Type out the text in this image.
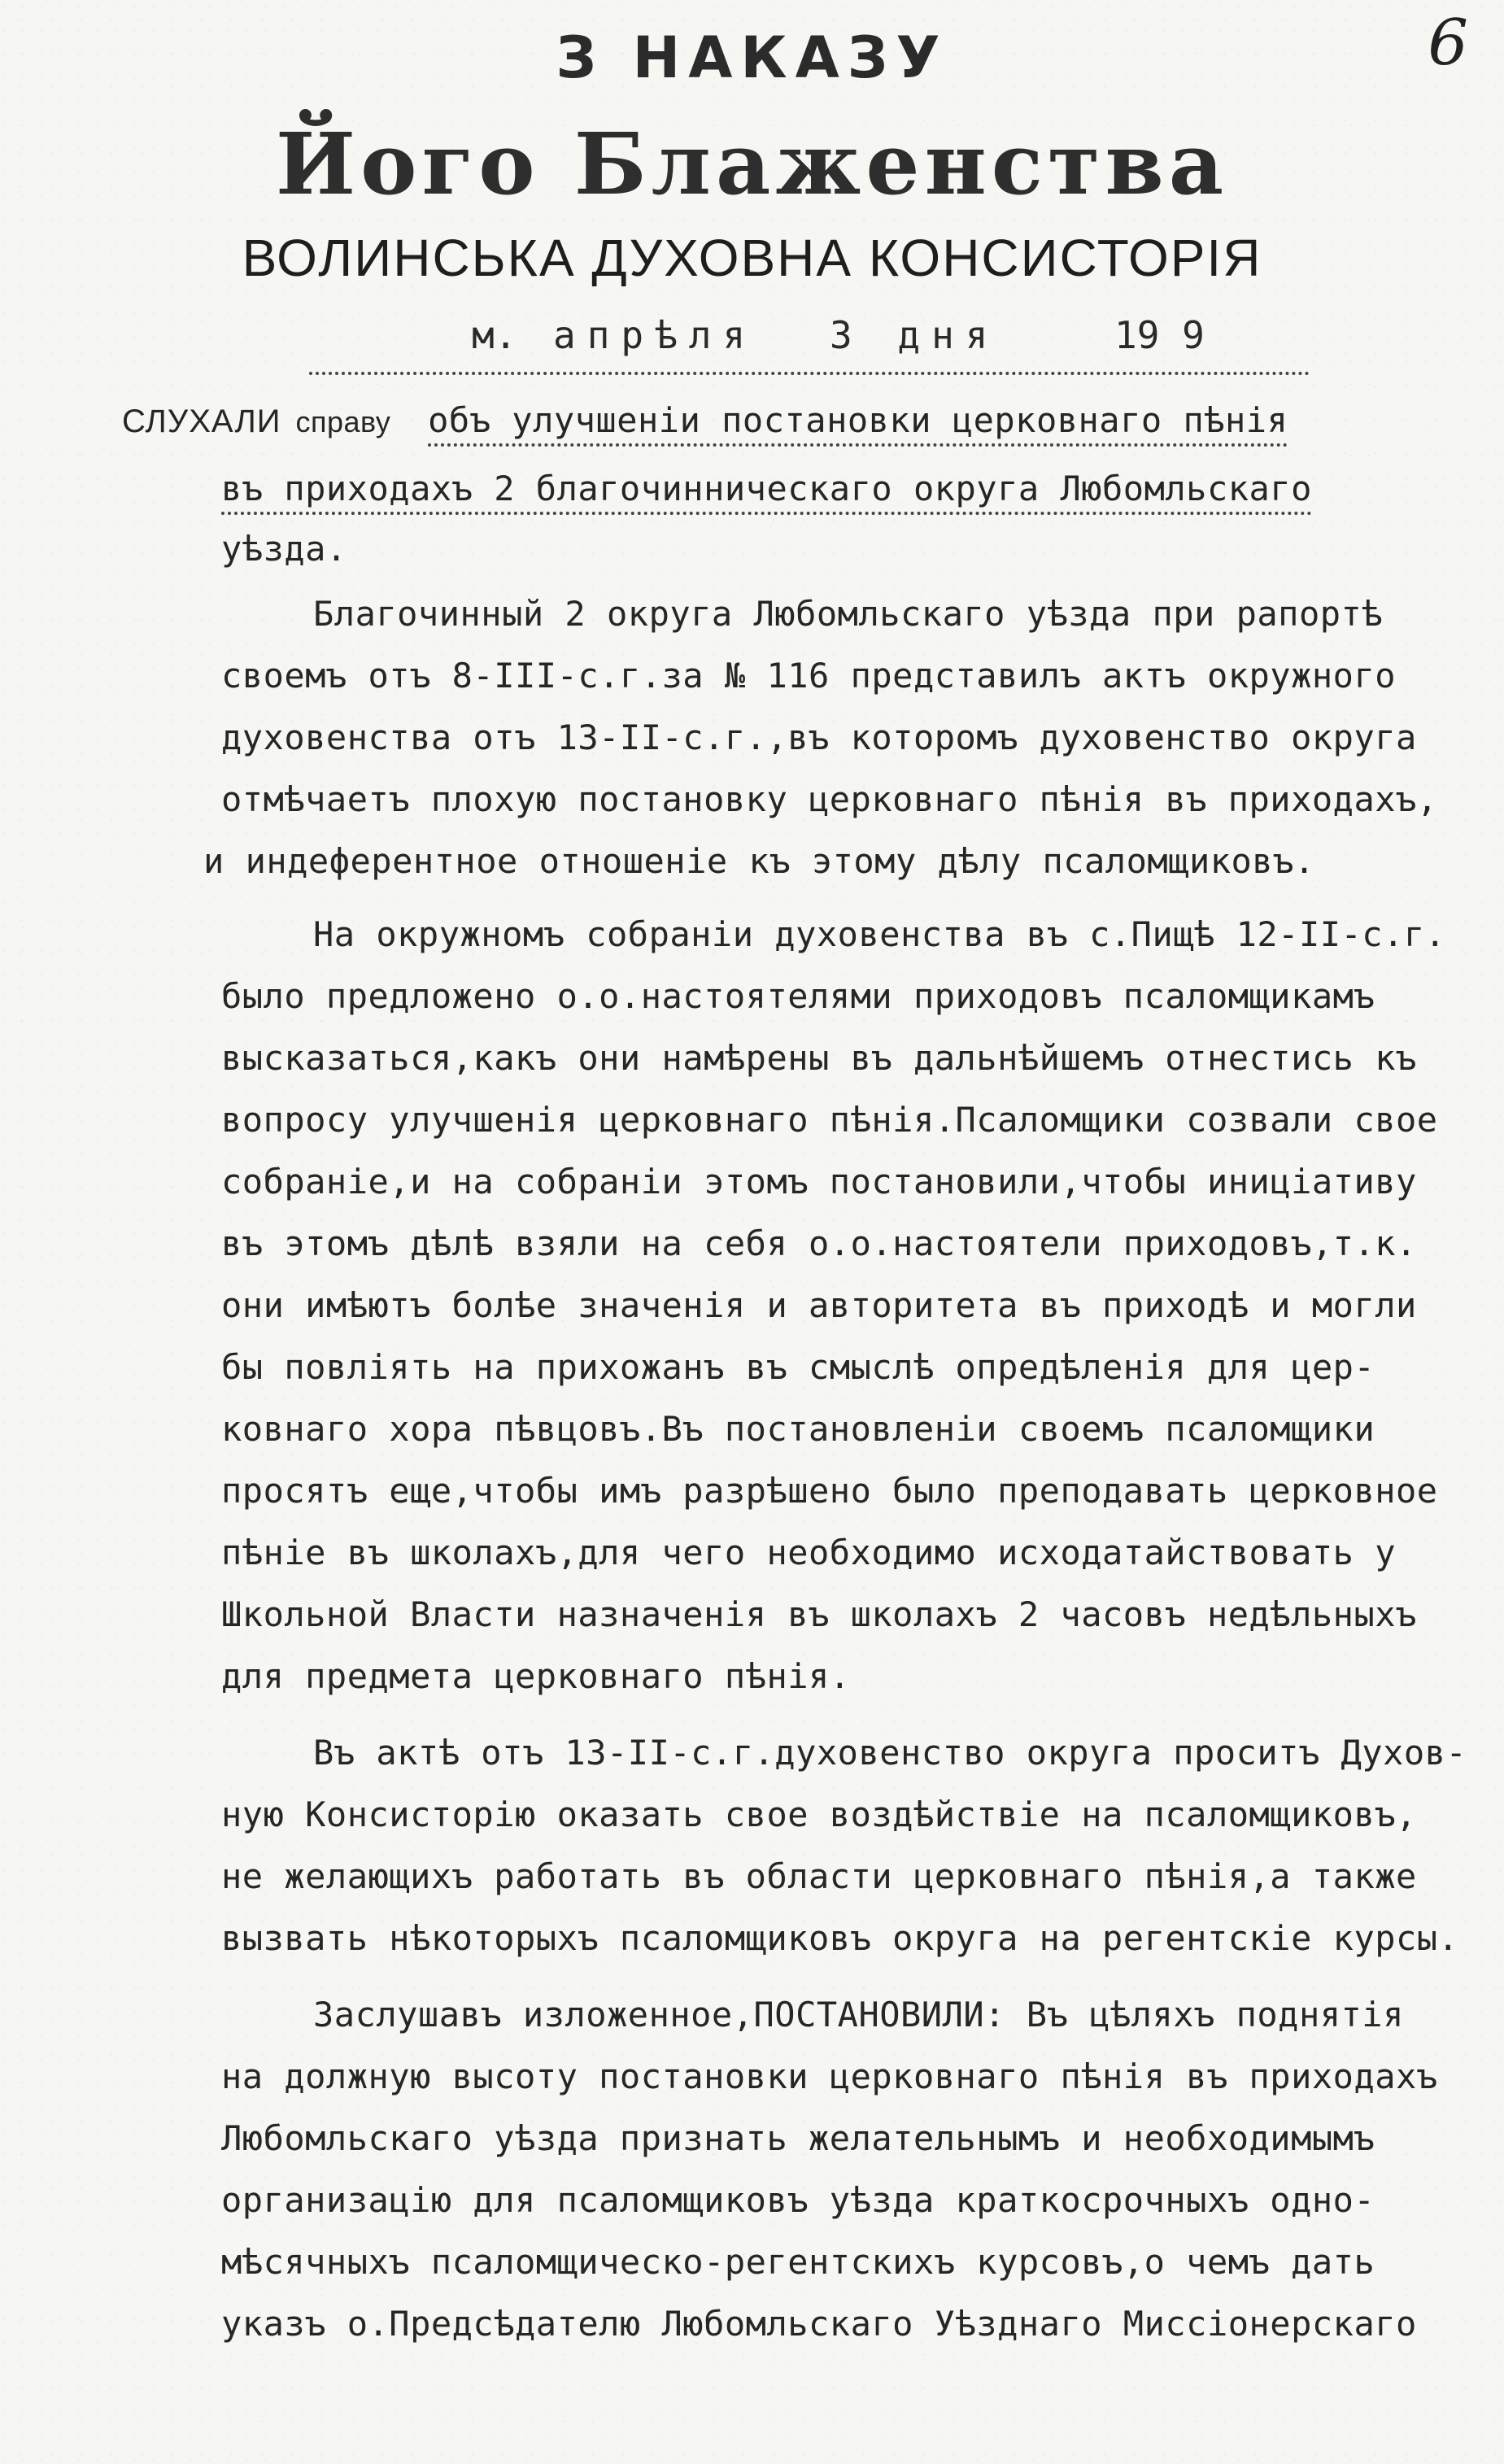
6
З НАКАЗУ
Його Блаженства
ВОЛИНСЬКА ДУХОВНА КОНСИСТОРІЯ
м. апрѣля 3 дня	19 9
СЛУХАЛИ справу объ улучшеніи постановки церковнаго пѣнія
въ приходахъ 2 благочинническаго округа Любомльскаго
уѣзда.
Благочинный 2 округа Любомльскаго уѣзда при рапортѣ
своемъ отъ 8-III-с.г.за № 116 представилъ актъ окружного
духовенства отъ 13-II-с.г.,въ которомъ духовенство округа
отмѣчаетъ плохую постановку церковнаго пѣнія въ приходахъ,
и индеферентное отношеніе къ этому дѣлу псаломщиковъ.
На окружномъ собраніи духовенства въ с.Пищѣ 12-II-с.г.
было предложено о.о.настоятелями приходовъ псаломщикамъ
высказаться,какъ они намѣрены въ дальнѣйшемъ отнестись къ
вопросу улучшенія церковнаго пѣнія.Псаломщики созвали свое
собраніе,и на собраніи этомъ постановили,чтобы иниціативу
въ этомъ дѣлѣ взяли на себя о.о.настоятели приходовъ,т.к.
они имѣютъ болѣе значенія и авторитета въ приходѣ и могли
бы повліять на прихожанъ въ смыслѣ опредѣленія для цер-
ковнаго хора пѣвцовъ.Въ постановленіи своемъ псаломщики
просятъ еще,чтобы имъ разрѣшено было преподавать церковное
пѣніе въ школахъ,для чего необходимо исходатайствовать у
Школьной Власти назначенія въ школахъ 2 часовъ недѣльныхъ
для предмета церковнаго пѣнія.
Въ актѣ отъ 13-II-с.г.духовенство округа проситъ Духов-
ную Консисторію оказать свое воздѣйствіе на псаломщиковъ,
не желающихъ работать въ области церковнаго пѣнія,а также
вызвать нѣкоторыхъ псаломщиковъ округа на регентскіе курсы.
Заслушавъ изложенное,ПОСТАНОВИЛИ: Въ цѣляхъ поднятія
на должную высоту постановки церковнаго пѣнія въ приходахъ
Любомльскаго уѣзда признать желательнымъ и необходимымъ
организацію для псаломщиковъ уѣзда краткосрочныхъ одно-
мѣсячныхъ псаломщическо-регентскихъ курсовъ,о чемъ дать
указъ о.Предсѣдателю Любомльскаго Уѣзднаго Миссіонерскаго
